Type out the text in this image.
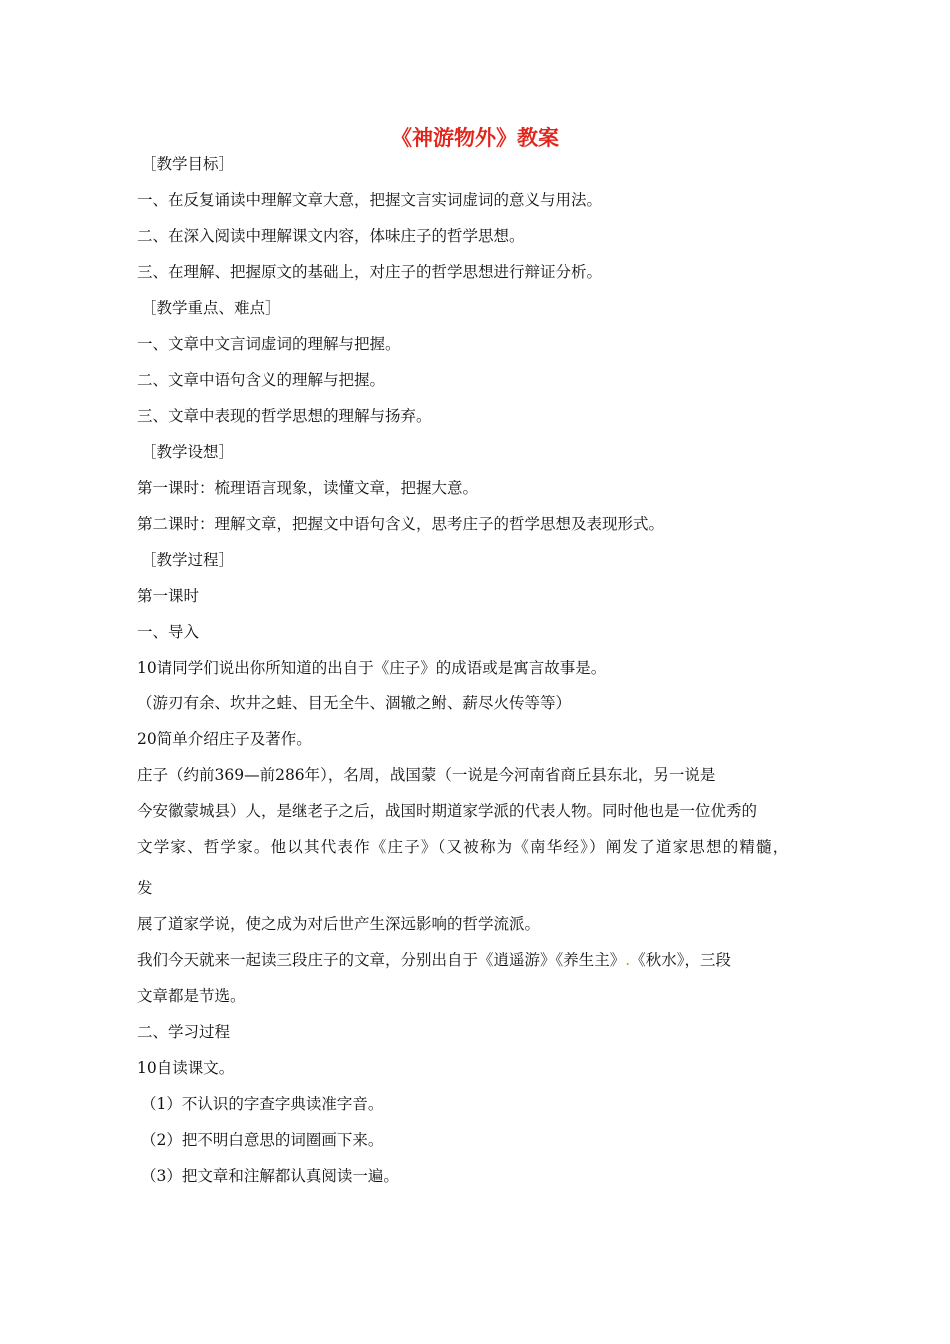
《神游物外》教案
［教学目标］
一、在反复诵读中理解文章大意，把握文言实词虚词的意义与用法。
二、在深入阅读中理解课文内容，体味庄子的哲学思想。
三、在理解、把握原文的基础上，对庄子的哲学思想进行辩证分析。
［教学重点、难点］
一、文章中文言词虚词的理解与把握。
二、文章中语句含义的理解与把握。
三、文章中表现的哲学思想的理解与扬弃。
［教学设想］
第一课时：梳理语言现象，读懂文章，把握大意。
第二课时：理解文章，把握文中语句含义，思考庄子的哲学思想及表现形式。
［教学过程］
第一课时
一、导入
10请同学们说出你所知道的出自于《庄子》的成语或是寓言故事是。
（游刃有余、坎井之蛙、目无全牛、涸辙之鲋、薪尽火传等等）
20简单介绍庄子及著作。
庄子（约前369—前286年），名周，战国蒙（一说是今河南省商丘县东北，另一说是
今安徽蒙城县）人，是继老子之后，战国时期道家学派的代表人物。同时他也是一位优秀的
文学家、哲学家。他以其代表作《庄子》（又被称为《南华经》）阐发了道家思想的精髓，
发
展了道家学说，使之成为对后世产生深远影响的哲学流派。
我们今天就来一起读三段庄子的文章，分别出自于《逍遥游》《养生主》.《秋水》，三段
文章都是节选。
二、学习过程
10自读课文。
（1）不认识的字查字典读准字音。
（2）把不明白意思的词圈画下来。
（3）把文章和注解都认真阅读一遍。
